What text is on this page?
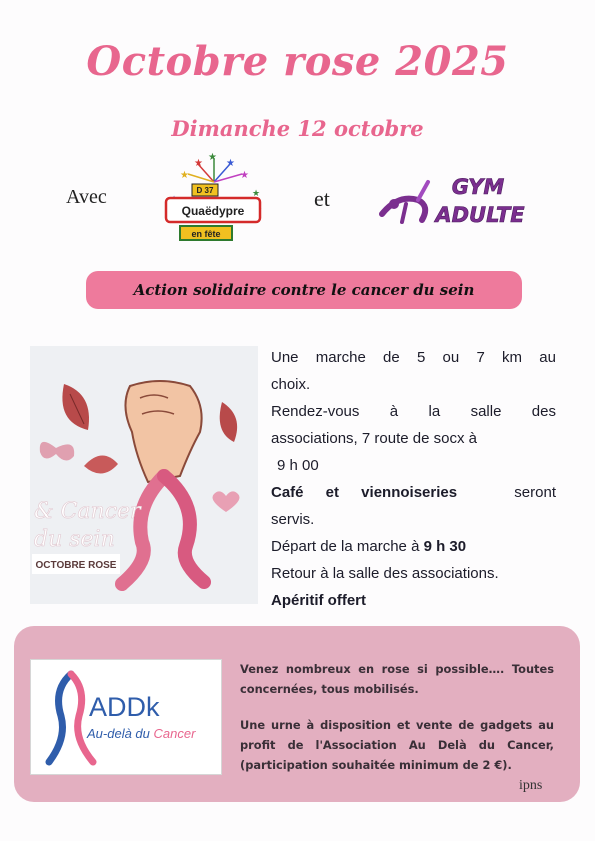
Octobre rose 2025
Dimanche 12 octobre
Avec
★
★
★
★	★
★
D 37
Quaëdypre
en fête
et	GYM
ADULTE
Action solidaire contre le cancer du sein
& Cancer
du sein
OCTOBRE ROSE
Une marche de 5 ou 7 km au
choix.
Rendez-vous à la salle des
associations, 7 route de socx à
9 h 00
Café et viennoiseries	seront
servis.
Départ de la marche à 9 h 30
Retour à la salle des associations.
Apéritif offert
ADDk
Au-delà du Cancer

Venez nombreux en rose si possible…. Toutes concernées, tous mobilisés.

Une urne à disposition et vente de gadgets au profit de l'Association Au Delà du Cancer, (participation souhaitée minimum de 2 €).

ipns
